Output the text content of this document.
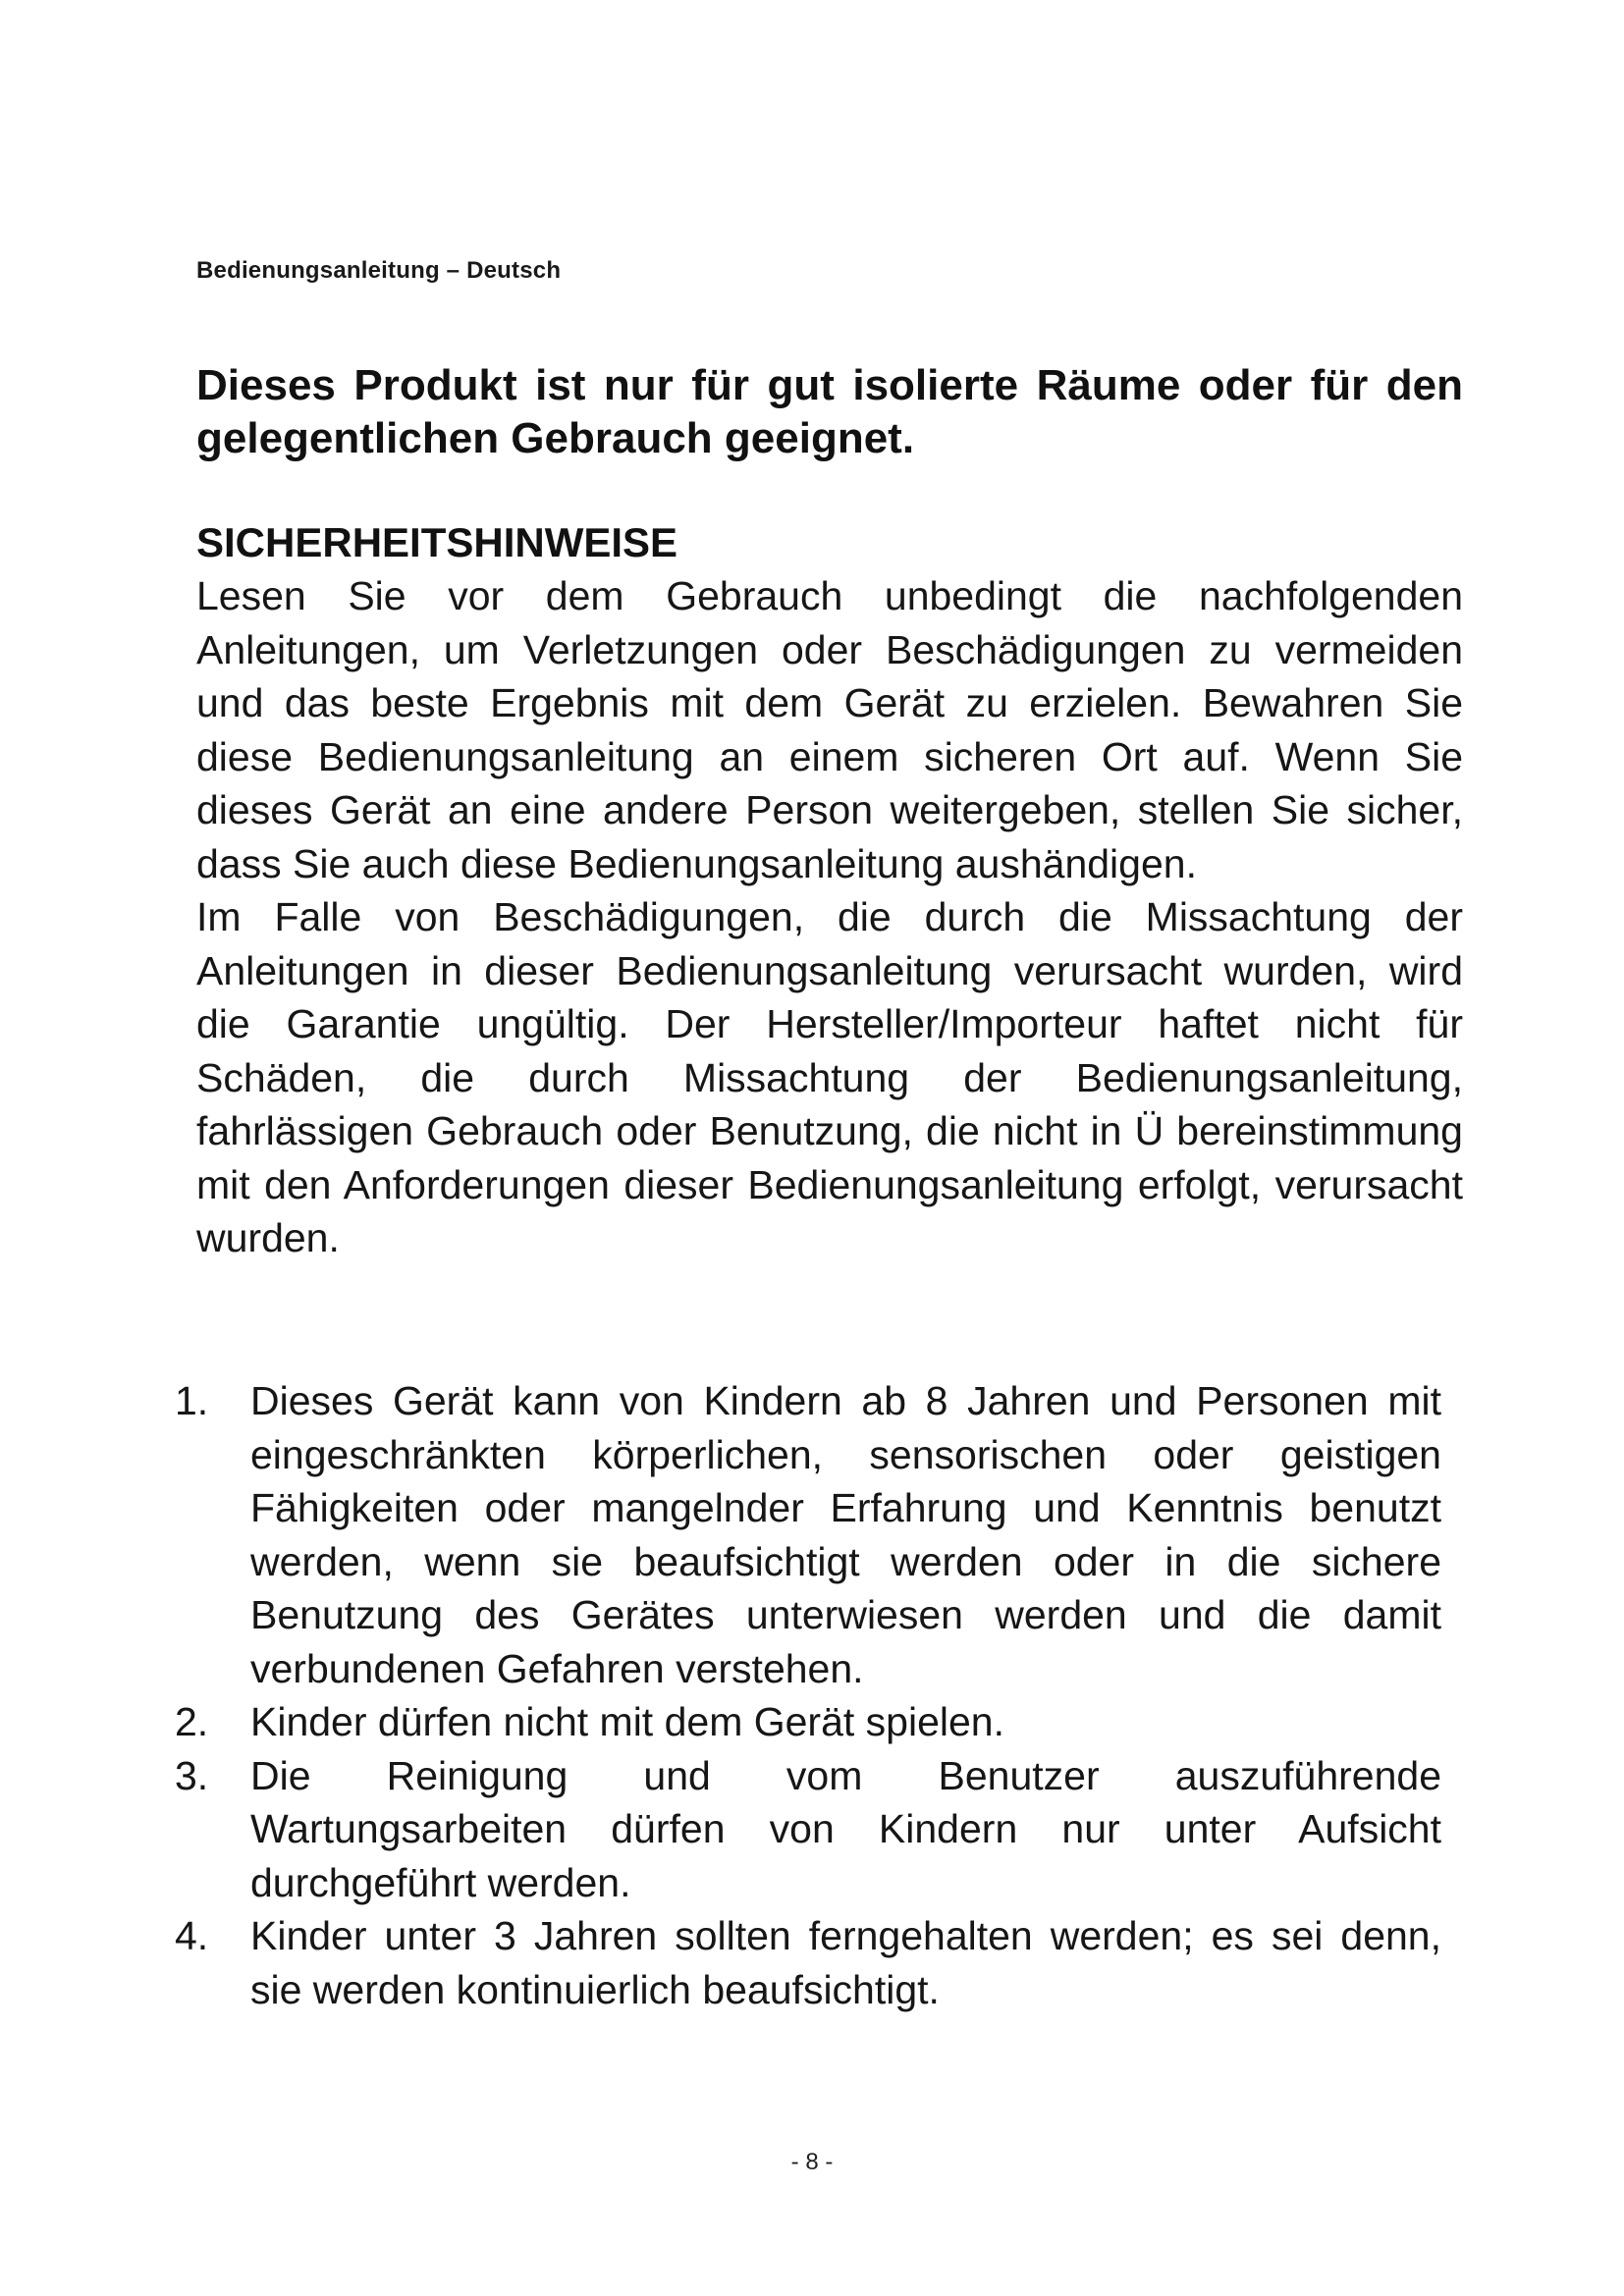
Bedienungsanleitung – Deutsch
Dieses Produkt ist nur für gut isolierte Räume oder für den gelegentlichen Gebrauch geeignet.
SICHERHEITSHINWEISE

Lesen Sie vor dem Gebrauch unbedingt die nachfolgenden Anleitungen, um Verletzungen oder Beschädigungen zu vermeiden und das beste Ergebnis mit dem Gerät zu erzielen. Bewahren Sie diese Bedienungsanleitung an einem sicheren Ort auf. Wenn Sie dieses Gerät an eine andere Person weitergeben, stellen Sie sicher, dass Sie auch diese Bedienungsanleitung aushändigen.

Im Falle von Beschädigungen, die durch die Missachtung der Anleitungen in dieser Bedienungsanleitung verursacht wurden, wird die Garantie ungültig. Der Hersteller/Importeur haftet nicht für Schäden, die durch Missachtung der Bedienungsanleitung, fahrlässigen Gebrauch oder Benutzung, die nicht in Ü bereinstimmung mit den Anforderungen dieser Bedienungsanleitung erfolgt, verursacht wurden.

1.	Dieses Gerät kann von Kindern ab 8 Jahren und Personen mit eingeschränkten körperlichen, sensorischen oder geistigen Fähigkeiten oder mangelnder Erfahrung und Kenntnis benutzt werden, wenn sie beaufsichtigt werden oder in die sichere Benutzung des Gerätes unterwiesen werden und die damit verbundenen Gefahren verstehen.
2.	Kinder dürfen nicht mit dem Gerät spielen.
3.	Die Reinigung und vom Benutzer auszuführende Wartungsarbeiten dürfen von Kindern nur unter Aufsicht durchgeführt werden.
4.	Kinder unter 3 Jahren sollten ferngehalten werden; es sei denn, sie werden kontinuierlich beaufsichtigt.
- 8 -
